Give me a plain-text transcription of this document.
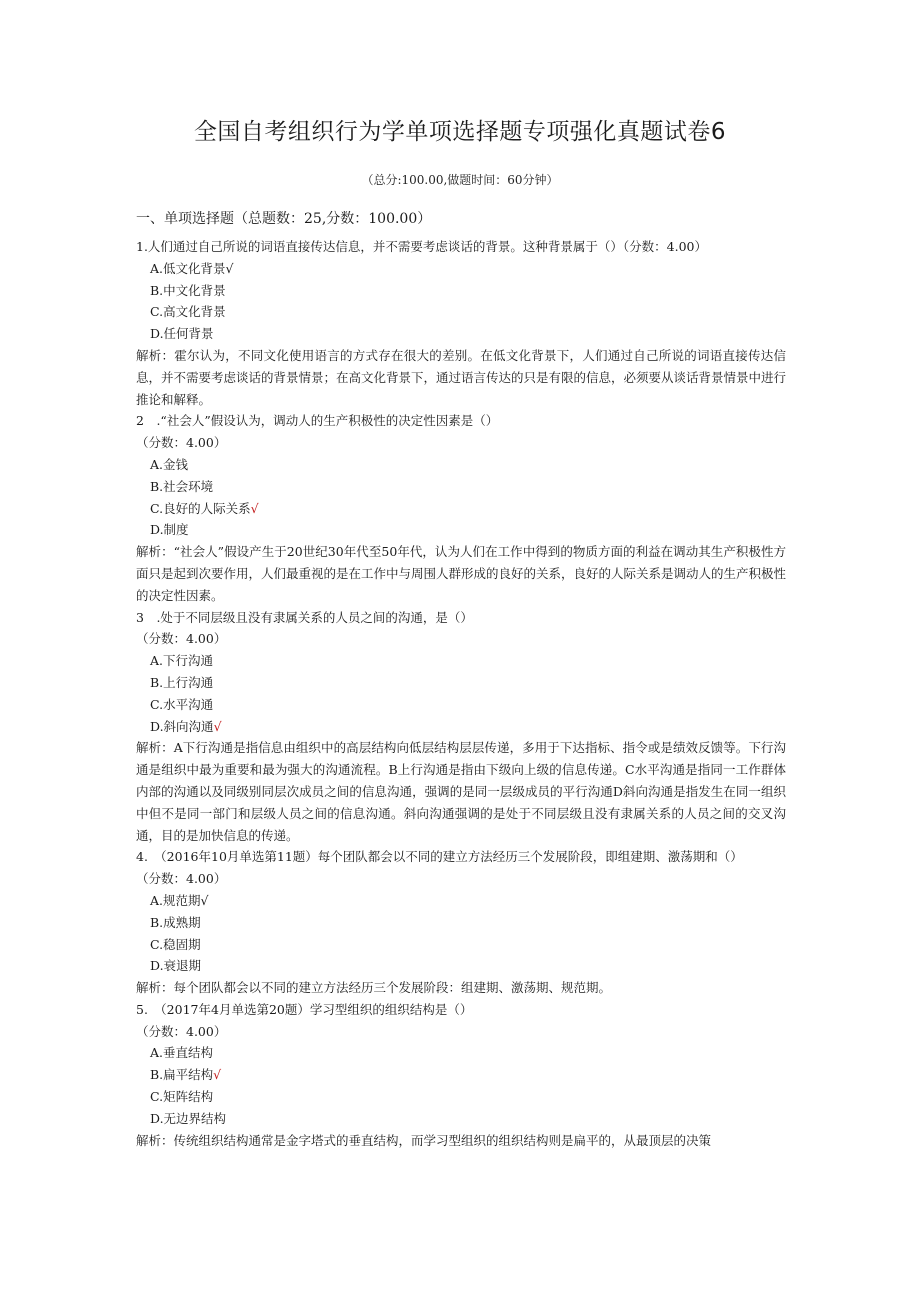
全国自考组织行为学单项选择题专项强化真题试卷6
（总分:100.00,做题时间：60分钟）
一、单项选择题（总题数：25,分数：100.00）
1.人们通过自己所说的词语直接传达信息，并不需要考虑谈话的背景。这种背景属于（）（分数：4.00）
A.低文化背景√
B.中文化背景
C.高文化背景
D.任何背景
解析：霍尔认为，不同文化使用语言的方式存在很大的差别。在低文化背景下，人们通过自己所说的词语直接传达信息，并不需要考虑谈话的背景情景；在高文化背景下，通过语言传达的只是有限的信息，必须要从谈话背景情景中进行推论和解释。
2　.“社会人”假设认为，调动人的生产积极性的决定性因素是（）
（分数：4.00）
A.金钱
B.社会环境
C.良好的人际关系√
D.制度
解析：“社会人”假设产生于20世纪30年代至50年代，认为人们在工作中得到的物质方面的利益在调动其生产积极性方面只是起到次要作用，人们最重视的是在工作中与周围人群形成的良好的关系，良好的人际关系是调动人的生产积极性的决定性因素。
3　.处于不同层级且没有隶属关系的人员之间的沟通，是（）
（分数：4.00）
A.下行沟通
B.上行沟通
C.水平沟通
D.斜向沟通√
解析：A下行沟通是指信息由组织中的高层结构向低层结构层层传递，多用于下达指标、指令或是绩效反馈等。下行沟通是组织中最为重要和最为强大的沟通流程。B上行沟通是指由下级向上级的信息传递。C水平沟通是指同一工作群体内部的沟通以及同级别同层次成员之间的信息沟通，强调的是同一层级成员的平行沟通D斜向沟通是指发生在同一组织中但不是同一部门和层级人员之间的信息沟通。斜向沟通强调的是处于不同层级且没有隶属关系的人员之间的交叉沟通，目的是加快信息的传递。
4.　（2016年10月单选第11题）每个团队都会以不同的建立方法经历三个发展阶段，即组建期、激荡期和（）
（分数：4.00）
A.规范期√
B.成熟期
C.稳固期
D.衰退期
解析：每个团队都会以不同的建立方法经历三个发展阶段：组建期、激荡期、规范期。
5.　（2017年4月单选第20题）学习型组织的组织结构是（）
（分数：4.00）
A.垂直结构
B.扁平结构√
C.矩阵结构
D.无边界结构
解析：传统组织结构通常是金字塔式的垂直结构，而学习型组织的组织结构则是扁平的，从最顶层的决策
